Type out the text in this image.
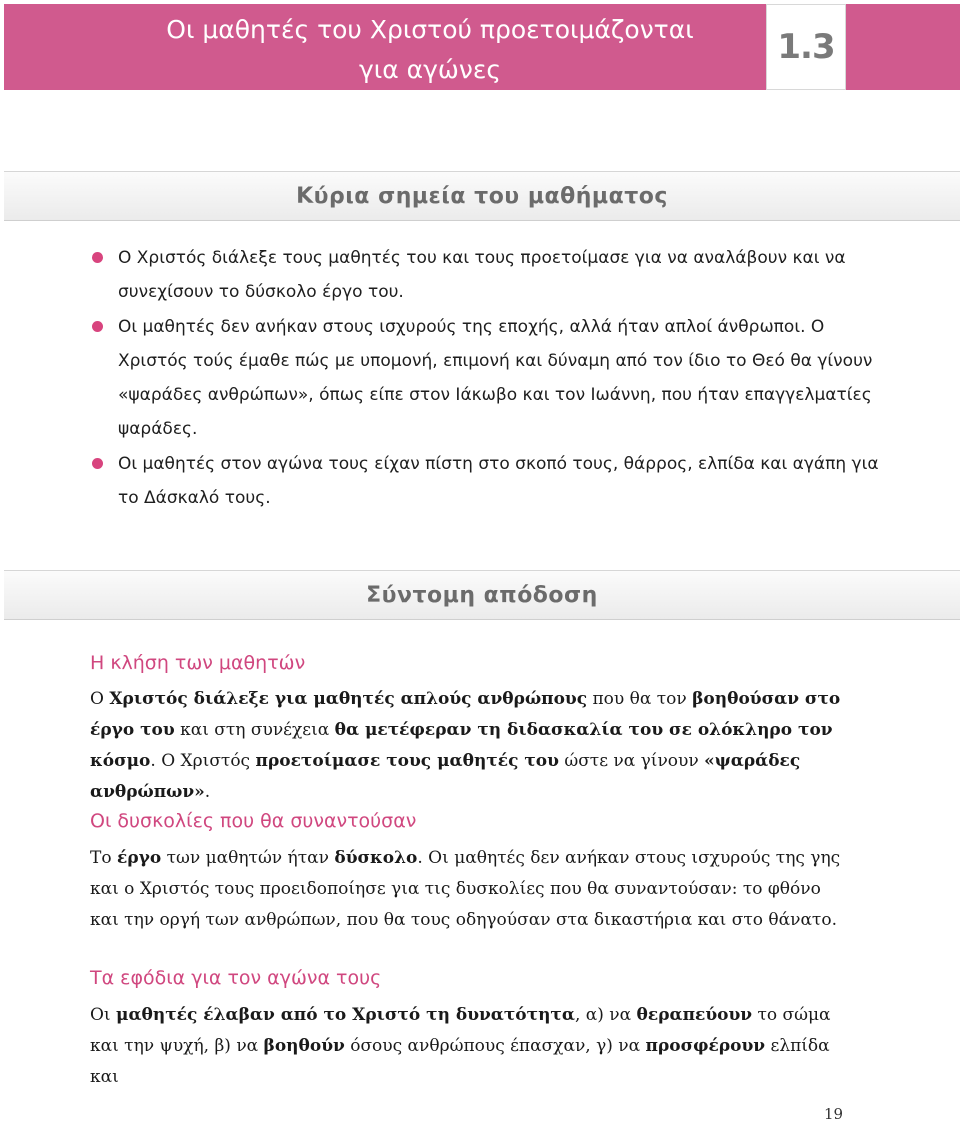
Οι μαθητές του Χριστού προετοιμάζονται
για αγώνες
1.3
Κύρια σημεία του μαθήματος
Ο Χριστός διάλεξε τους μαθητές του και τους προετοίμασε για να αναλάβουν και να συνεχίσουν το δύσκολο έργο του.
Οι μαθητές δεν ανήκαν στους ισχυρούς της εποχής, αλλά ήταν απλοί άνθρωποι. Ο Χριστός τούς έμαθε πώς με υπομονή, επιμονή και δύναμη από τον ίδιο το Θεό θα γίνουν «ψαράδες ανθρώπων», όπως είπε στον Ιάκωβο και τον Ιωάννη, που ήταν επαγγελματίες ψαράδες.
Οι μαθητές στον αγώνα τους είχαν πίστη στο σκοπό τους, θάρρος, ελπίδα και αγάπη για το Δάσκαλό τους.
Σύντομη απόδοση
Η κλήση των μαθητών
Ο Χριστός διάλεξε για μαθητές απλούς ανθρώπους που θα τον βοηθούσαν στο έργο του και στη συνέχεια θα μετέφεραν τη διδασκαλία του σε ολόκληρο τον κόσμο. Ο Χριστός προετοίμασε τους μαθητές του ώστε να γίνουν «ψαράδες ανθρώπων».
Οι δυσκολίες που θα συναντούσαν
Το έργο των μαθητών ήταν δύσκολο. Οι μαθητές δεν ανήκαν στους ισχυρούς της γης και ο Χριστός τους προειδοποίησε για τις δυσκολίες που θα συναντούσαν: το φθόνο και την οργή των ανθρώπων, που θα τους οδηγούσαν στα δικαστήρια και στο θάνατο.
Τα εφόδια για τον αγώνα τους
Οι μαθητές έλαβαν από το Χριστό τη δυνατότητα, α) να θεραπεύουν το σώμα και την ψυχή, β) να βοηθούν όσους ανθρώπους έπασχαν, γ) να προσφέρουν ελπίδα και
19
